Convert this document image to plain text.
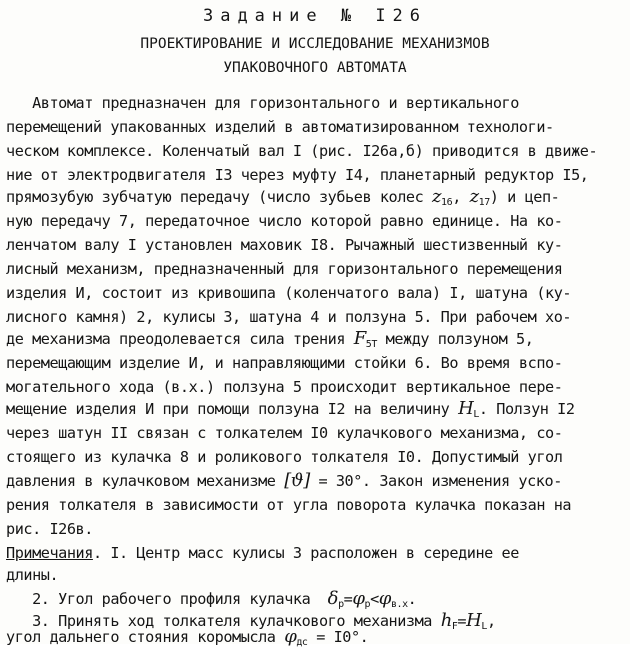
Задание № I26
ПРОЕКТИРОВАНИЕ И ИССЛЕДОВАНИЕ МЕХАНИЗМОВ
УПАКОВОЧНОГО АВТОМАТА
Автомат предназначен для горизонтального и вертикального
перемещений упакованных изделий в автоматизированном технологи-
ческом комплексе. Коленчатый вал I (рис. I26а,б) приводится в движе-
ние от электродвигателя I3 через муфту I4, планетарный редуктор I5,
прямозубую зубчатую передачу (число зубьев колес $z_{16}$, $z_{17}$) и цеп-
ную передачу 7, передаточное число которой равно единице. На ко-
ленчатом валу I установлен маховик I8. Рычажный шестизвенный ку-
лисный механизм, предназначенный для горизонтального перемещения
изделия И, состоит из кривошипа (коленчатого вала) I, шатуна (ку-
лисного камня) 2, кулисы 3, шатуна 4 и ползуна 5. При рабочем хо-
де механизма преодолевается сила трения $F_{5T}$ между ползуном 5,
перемещающим изделие И, и направляющими стойки 6. Во время вспо-
могательного хода (в.х.) ползуна 5 происходит вертикальное пере-
мещение изделия И при помощи ползуна I2 на величину $H_L$. Ползун I2
через шатун II связан с толкателем I0 кулачкового механизма, со-
стоящего из кулачка 8 и роликового толкателя I0. Допустимый угол
давления в кулачковом механизме [ϑ] = 30°. Закон изменения уско-
рения толкателя в зависимости от угла поворота кулачка показан на
рис. I26в.
Примечания. I. Центр масс кулисы 3 расположен в середине ее
длины.
2. Угол рабочего профиля кулачка  $\delta_р=\varphi_р<\varphi_{в.х}$.
3. Принять ход толкателя кулачкового механизма $h_F=H_L$,
угол дальнего стояния коромысла $\varphi_{дс} = I0^\circ$.
